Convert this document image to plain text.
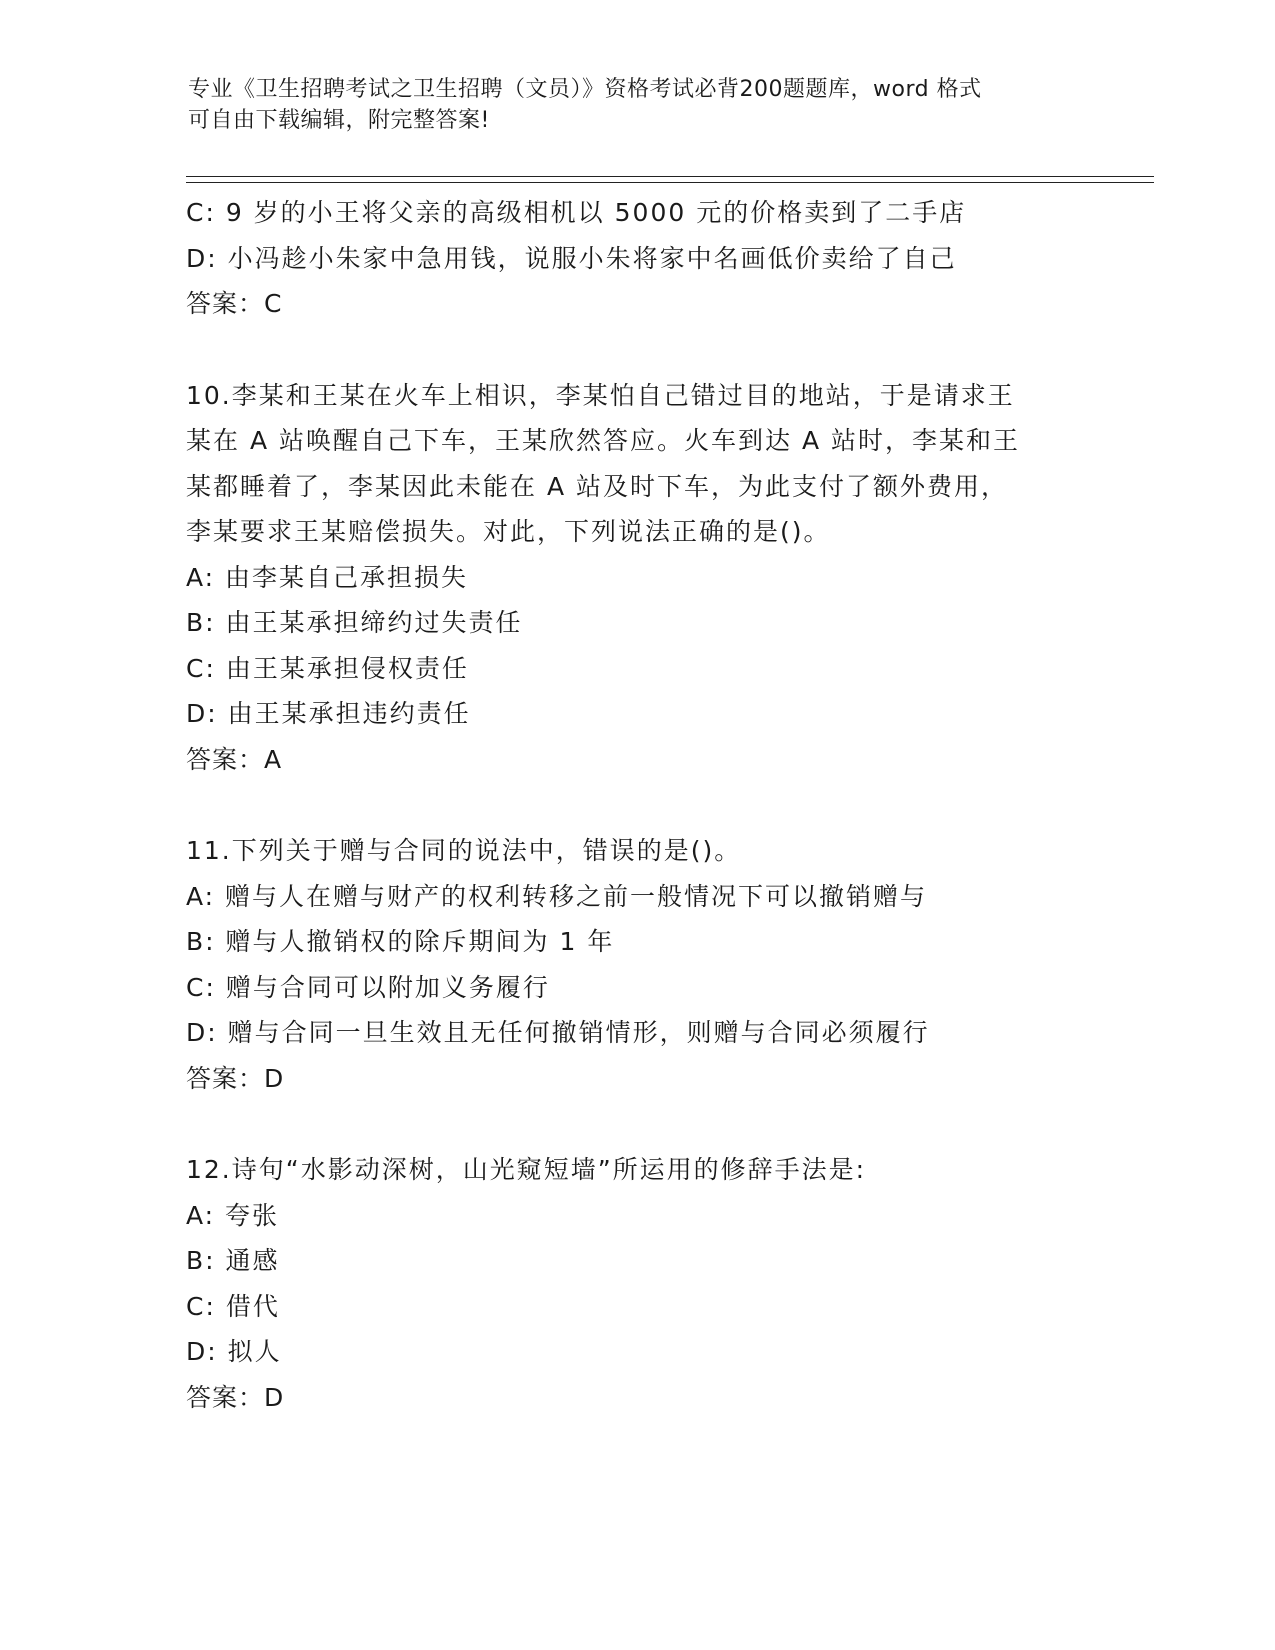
专业《卫生招聘考试之卫生招聘（文员）》资格考试必背200题题库，word 格式
可自由下载编辑，附完整答案!
C: 9 岁的小王将父亲的高级相机以 5000 元的价格卖到了二手店
D: 小冯趁小朱家中急用钱，说服小朱将家中名画低价卖给了自己
答案：C
10.李某和王某在火车上相识，李某怕自己错过目的地站，于是请求王
某在 A 站唤醒自己下车，王某欣然答应。火车到达 A 站时，李某和王
某都睡着了，李某因此未能在 A 站及时下车，为此支付了额外费用，
李某要求王某赔偿损失。对此，下列说法正确的是()。
A: 由李某自己承担损失
B: 由王某承担缔约过失责任
C: 由王某承担侵权责任
D: 由王某承担违约责任
答案：A
11.下列关于赠与合同的说法中，错误的是()。
A: 赠与人在赠与财产的权利转移之前一般情况下可以撤销赠与
B: 赠与人撤销权的除斥期间为 1 年
C: 赠与合同可以附加义务履行
D: 赠与合同一旦生效且无任何撤销情形，则赠与合同必须履行
答案：D
12.诗句“水影动深树，山光窥短墙”所运用的修辞手法是:
A: 夸张
B: 通感
C: 借代
D: 拟人
答案：D
